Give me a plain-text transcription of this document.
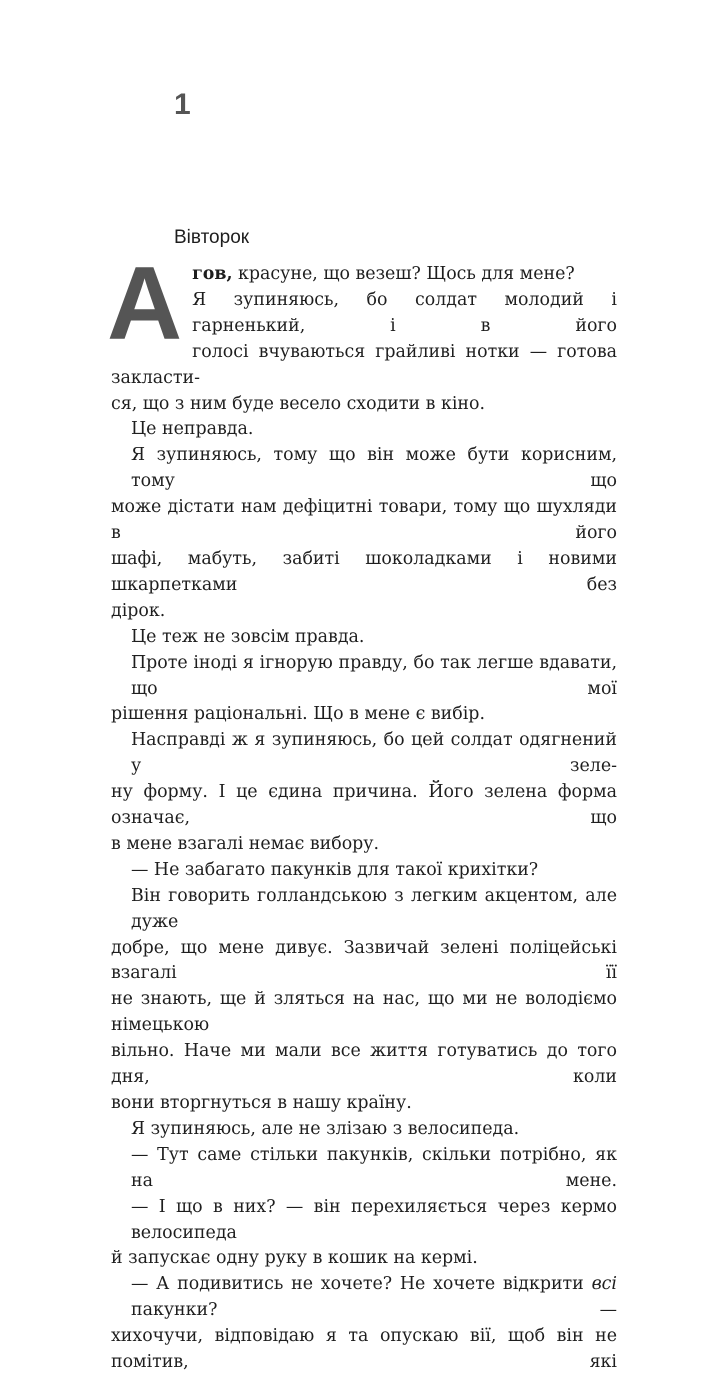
1
Вівторок
А гов, красуне, що везеш? Щось для мене?
Я зупиняюсь, бо солдат молодий і гарненький, і в його
голосі вчуваються грайливі нотки — готова закласти-
ся, що з ним буде весело сходити в кіно.
Це неправда.
Я зупиняюсь, тому що він може бути корисним, тому що
може дістати нам дефіцитні товари, тому що шухляди в його
шафі, мабуть, забиті шоколадками і новими шкарпетками без
дірок.
Це теж не зовсім правда.
Проте іноді я ігнорую правду, бо так легше вдавати, що мої
рішення раціональні. Що в мене є вибір.
Насправді ж я зупиняюсь, бо цей солдат одягнений у зеле-
ну форму. І це єдина причина. Його зелена форма означає, що
в мене взагалі немає вибору.
— Не забагато пакунків для такої крихітки?
Він говорить голландською з легким акцентом, але дуже
добре, що мене дивує. Зазвичай зелені поліцейські взагалі її
не знають, ще й зляться на нас, що ми не володіємо німецькою
вільно. Наче ми мали все життя готуватись до того дня, коли
вони вторгнуться в нашу країну.
Я зупиняюсь, але не злізаю з велосипеда.
— Тут саме стільки пакунків, скільки потрібно, як на мене.
— І що в них? — він перехиляється через кермо велосипеда
й запускає одну руку в кошик на кермі.
— А подивитись не хочете? Не хочете відкрити всі пакунки? —
хихочучи, відповідаю я та опускаю вії, щоб він не помітив, які
